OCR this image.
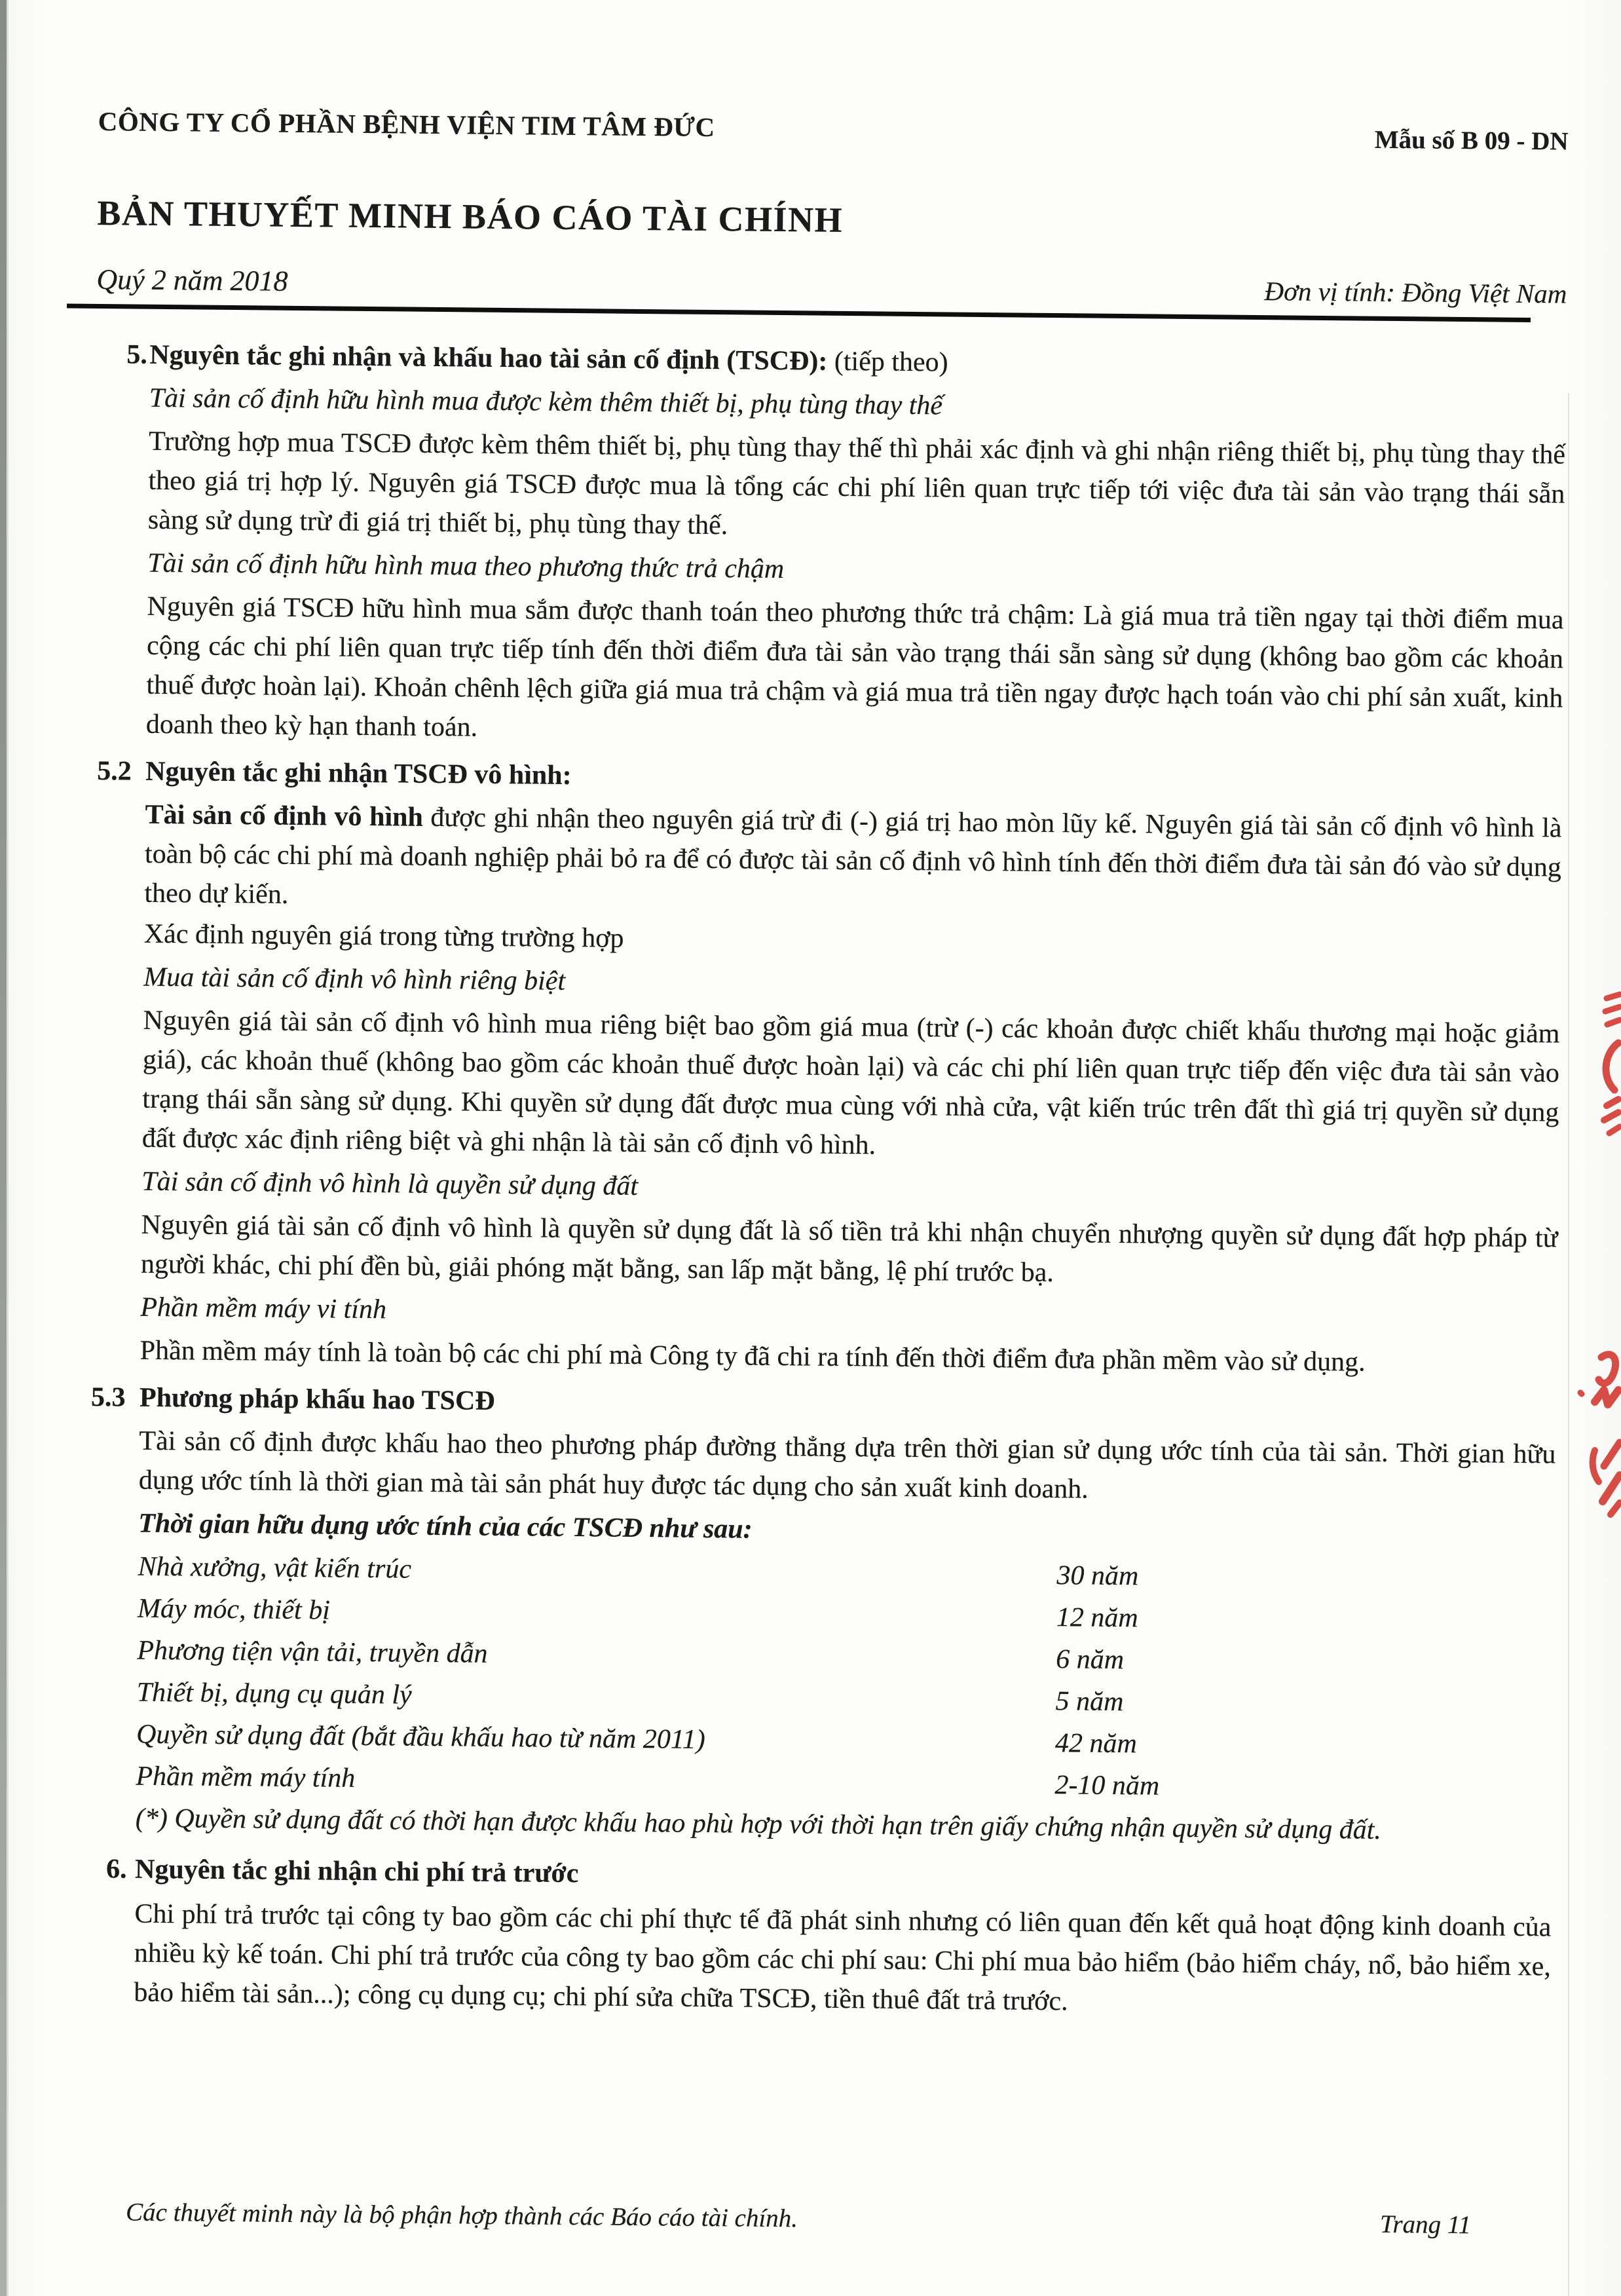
CÔNG TY CỔ PHẦN BỆNH VIỆN TIM TÂM ĐỨC	Mẫu số B 09 - DN
BẢN THUYẾT MINH BÁO CÁO TÀI CHÍNH
Quý 2 năm 2018	Đơn vị tính: Đồng Việt Nam
5. Nguyên tắc ghi nhận và khấu hao tài sản cố định (TSCĐ): (tiếp theo)

Tài sản cố định hữu hình mua được kèm thêm thiết bị, phụ tùng thay thế

Trường hợp mua TSCĐ được kèm thêm thiết bị, phụ tùng thay thế thì phải xác định và ghi nhận riêng thiết bị, phụ tùng thay thế theo giá trị hợp lý. Nguyên giá TSCĐ được mua là tổng các chi phí liên quan trực tiếp tới việc đưa tài sản vào trạng thái sẵn sàng sử dụng trừ đi giá trị thiết bị, phụ tùng thay thế.

Tài sản cố định hữu hình mua theo phương thức trả chậm

Nguyên giá TSCĐ hữu hình mua sắm được thanh toán theo phương thức trả chậm: Là giá mua trả tiền ngay tại thời điểm mua cộng các chi phí liên quan trực tiếp tính đến thời điểm đưa tài sản vào trạng thái sẵn sàng sử dụng (không bao gồm các khoản thuế được hoàn lại). Khoản chênh lệch giữa giá mua trả chậm và giá mua trả tiền ngay được hạch toán vào chi phí sản xuất, kinh doanh theo kỳ hạn thanh toán.

5.2 Nguyên tắc ghi nhận TSCĐ vô hình:

Tài sản cố định vô hình được ghi nhận theo nguyên giá trừ đi (-) giá trị hao mòn lũy kế. Nguyên giá tài sản cố định vô hình là toàn bộ các chi phí mà doanh nghiệp phải bỏ ra để có được tài sản cố định vô hình tính đến thời điểm đưa tài sản đó vào sử dụng theo dự kiến.

Xác định nguyên giá trong từng trường hợp

Mua tài sản cố định vô hình riêng biệt

Nguyên giá tài sản cố định vô hình mua riêng biệt bao gồm giá mua (trừ (-) các khoản được chiết khấu thương mại hoặc giảm giá), các khoản thuế (không bao gồm các khoản thuế được hoàn lại) và các chi phí liên quan trực tiếp đến việc đưa tài sản vào trạng thái sẵn sàng sử dụng. Khi quyền sử dụng đất được mua cùng với nhà cửa, vật kiến trúc trên đất thì giá trị quyền sử dụng đất được xác định riêng biệt và ghi nhận là tài sản cố định vô hình.

Tài sản cố định vô hình là quyền sử dụng đất

Nguyên giá tài sản cố định vô hình là quyền sử dụng đất là số tiền trả khi nhận chuyển nhượng quyền sử dụng đất hợp pháp từ người khác, chi phí đền bù, giải phóng mặt bằng, san lấp mặt bằng, lệ phí trước bạ.

Phần mềm máy vi tính

Phần mềm máy tính là toàn bộ các chi phí mà Công ty đã chi ra tính đến thời điểm đưa phần mềm vào sử dụng.

5.3 Phương pháp khấu hao TSCĐ

Tài sản cố định được khấu hao theo phương pháp đường thẳng dựa trên thời gian sử dụng ước tính của tài sản. Thời gian hữu dụng ước tính là thời gian mà tài sản phát huy được tác dụng cho sản xuất kinh doanh.

Thời gian hữu dụng ước tính của các TSCĐ như sau:

Nhà xưởng, vật kiến trúc	30 năm
Máy móc, thiết bị	12 năm
Phương tiện vận tải, truyền dẫn	6 năm
Thiết bị, dụng cụ quản lý	5 năm
Quyền sử dụng đất (bắt đầu khấu hao từ năm 2011)	42 năm
Phần mềm máy tính	2-10 năm

(*) Quyền sử dụng đất có thời hạn được khấu hao phù hợp với thời hạn trên giấy chứng nhận quyền sử dụng đất.

6. Nguyên tắc ghi nhận chi phí trả trước

Chi phí trả trước tại công ty bao gồm các chi phí thực tế đã phát sinh nhưng có liên quan đến kết quả hoạt động kinh doanh của nhiều kỳ kế toán. Chi phí trả trước của công ty bao gồm các chi phí sau: Chi phí mua bảo hiểm (bảo hiểm cháy, nổ, bảo hiểm xe, bảo hiểm tài sản...); công cụ dụng cụ; chi phí sửa chữa TSCĐ, tiền thuê đất trả trước.

Các thuyết minh này là bộ phận hợp thành các Báo cáo tài chính.	Trang 11
